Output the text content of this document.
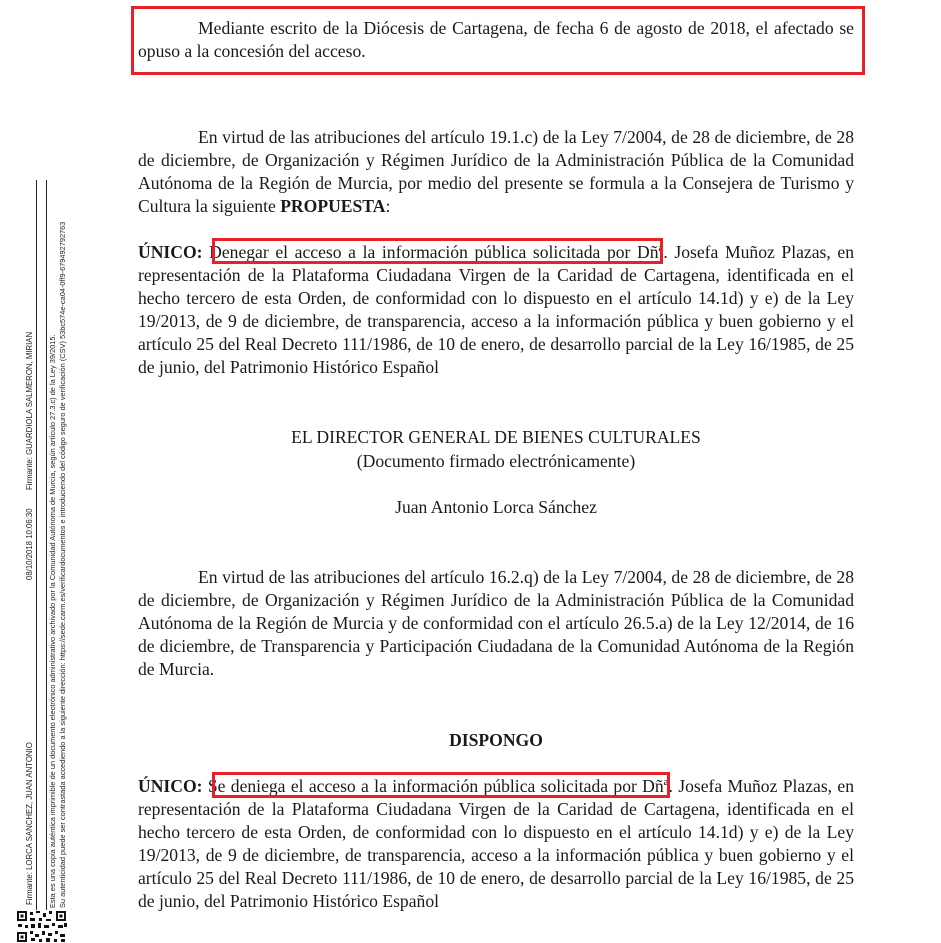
Firmante: LORCA SANCHEZ, JUAN ANTONIO
08/10/2018 10:06:30
Firmante: GUARDIOLA SALMERON, MIRIAN Esta es una copia auténtica imprimible de un documento electrónico administrativo archivado por la Comunidad Autónoma de Murcia, según artículo 27.3.c) de la Ley 39/2015. Su autenticidad puede ser contrastada accediendo a la siguiente dirección: https://sede.carm.es/verificardocumentos e introduciendo del código seguro de verificación (CSV) 53bc574e-ca04-0ff9-679492792763

Mediante escrito de la Diócesis de Cartagena, de fecha 6 de agosto de 2018, el afectado se opuso a la concesión del acceso.

En virtud de las atribuciones del artículo 19.1.c) de la Ley 7/2004, de 28 de diciembre, de 28 de diciembre, de Organización y Régimen Jurídico de la Administración Pública de la Comunidad Autónoma de la Región de Murcia, por medio del presente se formula a la Consejera de Turismo y Cultura la siguiente PROPUESTA:

ÚNICO: Denegar el acceso a la información pública solicitada por Dñª. Josefa Muñoz Plazas, en representación de la Plataforma Ciudadana Virgen de la Caridad de Cartagena, identificada en el hecho tercero de esta Orden, de conformidad con lo dispuesto en el artículo 14.1d) y e) de la Ley 19/2013, de 9 de diciembre, de transparencia, acceso a la información pública y buen gobierno y el artículo 25 del Real Decreto 111/1986, de 10 de enero, de desarrollo parcial de la Ley 16/1985, de 25 de junio, del Patrimonio Histórico Español

EL DIRECTOR GENERAL DE BIENES CULTURALES

(Documento firmado electrónicamente)

Juan Antonio Lorca Sánchez

En virtud de las atribuciones del artículo 16.2.q) de la Ley 7/2004, de 28 de diciembre, de 28 de diciembre, de Organización y Régimen Jurídico de la Administración Pública de la Comunidad Autónoma de la Región de Murcia y de conformidad con el artículo 26.5.a) de la Ley 12/2014, de 16 de diciembre, de Transparencia y Participación Ciudadana de la Comunidad Autónoma de la Región de Murcia.

DISPONGO

ÚNICO: Se deniega el acceso a la información pública solicitada por Dñª. Josefa Muñoz Plazas, en representación de la Plataforma Ciudadana Virgen de la Caridad de Cartagena, identificada en el hecho tercero de esta Orden, de conformidad con lo dispuesto en el artículo 14.1d) y e) de la Ley 19/2013, de 9 de diciembre, de transparencia, acceso a la información pública y buen gobierno y el artículo 25 del Real Decreto 111/1986, de 10 de enero, de desarrollo parcial de la Ley 16/1985, de 25 de junio, del Patrimonio Histórico Español
